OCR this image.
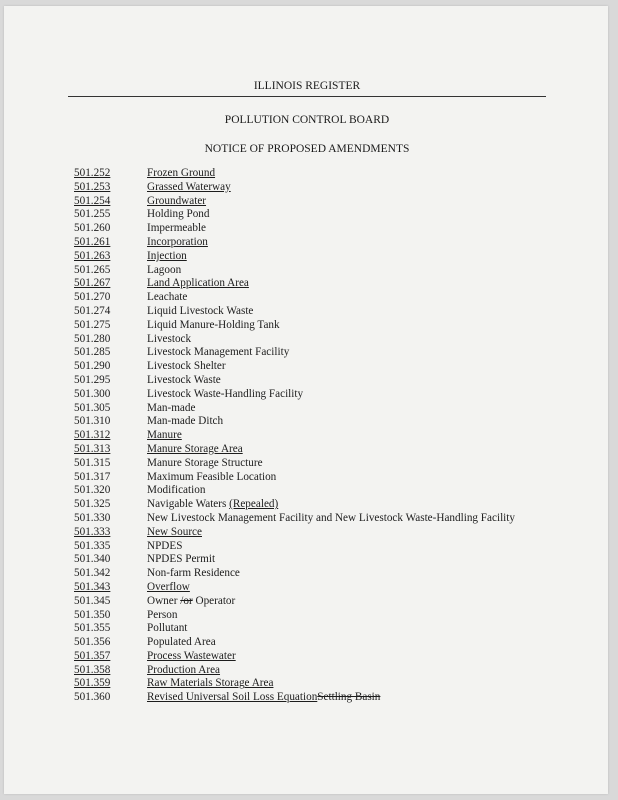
ILLINOIS REGISTER
POLLUTION CONTROL BOARD
NOTICE OF PROPOSED AMENDMENTS
501.252	Frozen Ground
501.253	Grassed Waterway
501.254	Groundwater
501.255	Holding Pond
501.260	Impermeable
501.261	Incorporation
501.263	Injection
501.265	Lagoon
501.267	Land Application Area
501.270	Leachate
501.274	Liquid Livestock Waste
501.275	Liquid Manure-Holding Tank
501.280	Livestock
501.285	Livestock Management Facility
501.290	Livestock Shelter
501.295	Livestock Waste
501.300	Livestock Waste-Handling Facility
501.305	Man-made
501.310	Man-made Ditch
501.312	Manure
501.313	Manure Storage Area
501.315	Manure Storage Structure
501.317	Maximum Feasible Location
501.320	Modification
501.325	Navigable Waters (Repealed)
501.330	New Livestock Management Facility and New Livestock Waste-Handling Facility
501.333	New Source
501.335	NPDES
501.340	NPDES Permit
501.342	Non-farm Residence
501.343	Overflow
501.345	Owner /or Operator
501.350	Person
501.355	Pollutant
501.356	Populated Area
501.357	Process Wastewater
501.358	Production Area
501.359	Raw Materials Storage Area
501.360	Revised Universal Soil Loss EquationSettling Basin
